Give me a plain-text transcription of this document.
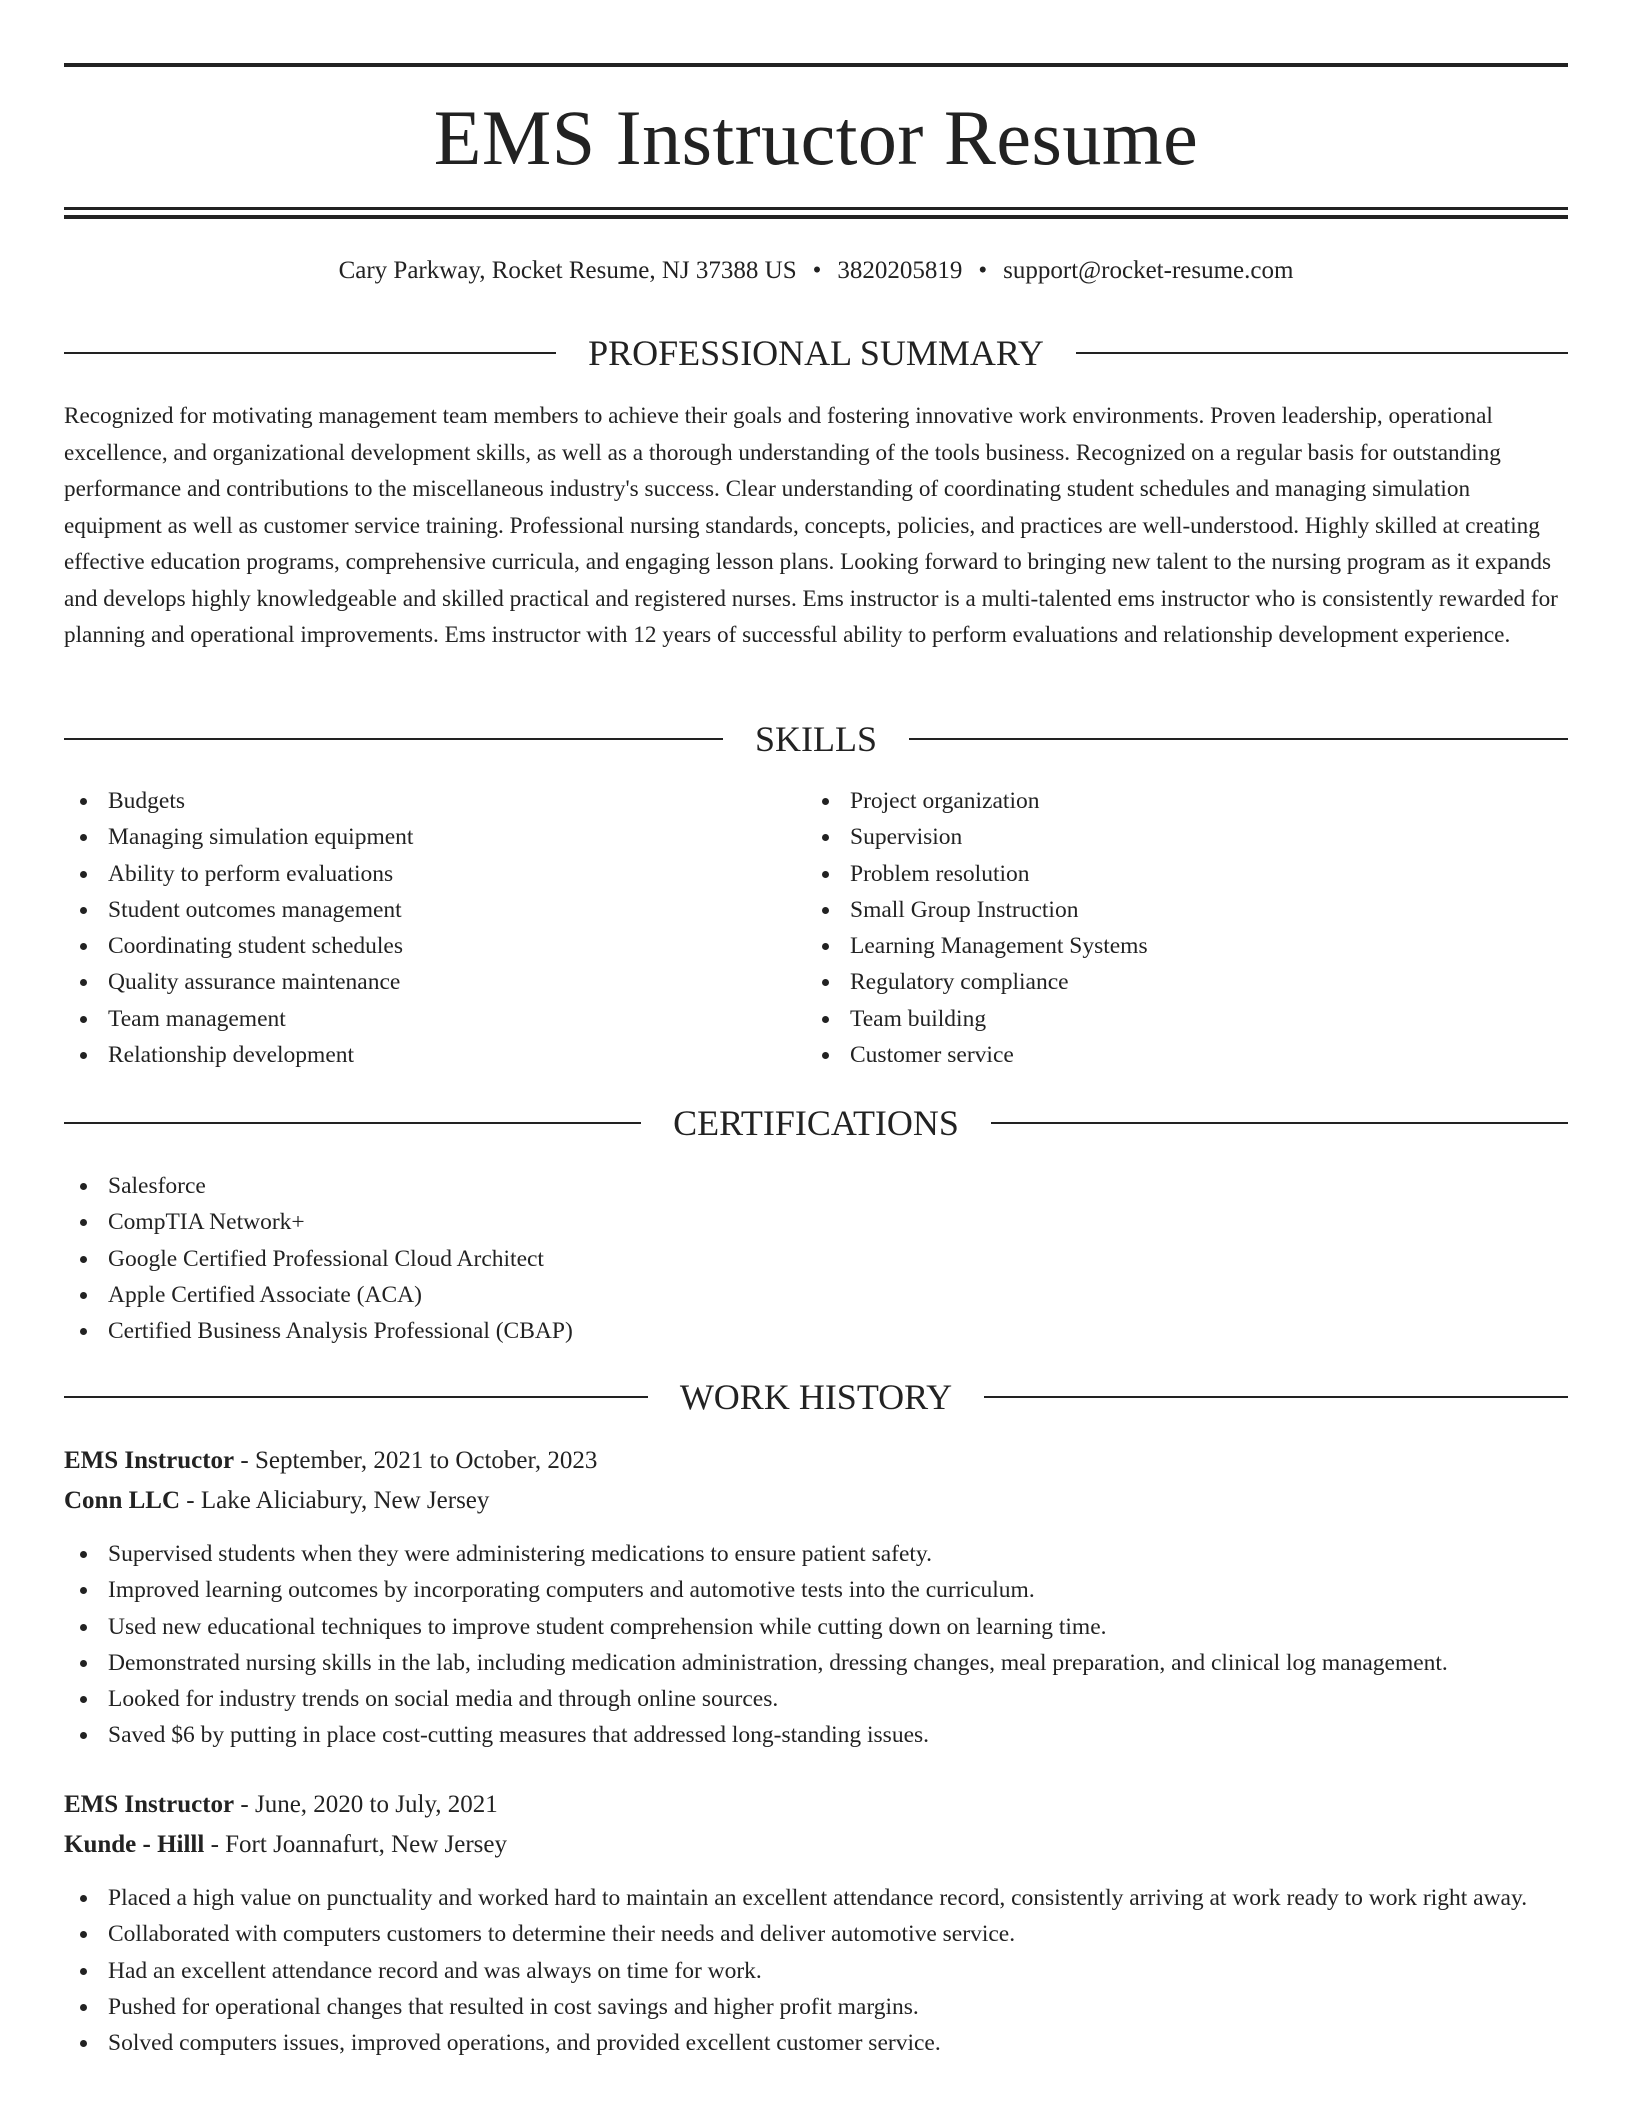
EMS Instructor Resume
Cary Parkway, Rocket Resume, NJ 37388 US • 3820205819 • support@rocket-resume.com
PROFESSIONAL SUMMARY

Recognized for motivating management team members to achieve their goals and fostering innovative work environments. Proven leadership, operational excellence, and organizational development skills, as well as a thorough understanding of the tools business. Recognized on a regular basis for outstanding performance and contributions to the miscellaneous industry's success. Clear understanding of coordinating student schedules and managing simulation equipment as well as customer service training. Professional nursing standards, concepts, policies, and practices are well-understood. Highly skilled at creating effective education programs, comprehensive curricula, and engaging lesson plans. Looking forward to bringing new talent to the nursing program as it expands and develops highly knowledgeable and skilled practical and registered nurses. Ems instructor is a multi-talented ems instructor who is consistently rewarded for planning and operational improvements. Ems instructor with 12 years of successful ability to perform evaluations and relationship development experience.

SKILLS
Budgets
Managing simulation equipment
Ability to perform evaluations
Student outcomes management
Coordinating student schedules
Quality assurance maintenance
Team management
Relationship development
Project organization
Supervision
Problem resolution
Small Group Instruction
Learning Management Systems
Regulatory compliance
Team building
Customer service
CERTIFICATIONS
Salesforce
CompTIA Network+
Google Certified Professional Cloud Architect
Apple Certified Associate (ACA)
Certified Business Analysis Professional (CBAP)
WORK HISTORY
EMS Instructor - September, 2021 to October, 2023
Conn LLC - Lake Aliciabury, New Jersey
Supervised students when they were administering medications to ensure patient safety.
Improved learning outcomes by incorporating computers and automotive tests into the curriculum.
Used new educational techniques to improve student comprehension while cutting down on learning time.
Demonstrated nursing skills in the lab, including medication administration, dressing changes, meal preparation, and clinical log management.
Looked for industry trends on social media and through online sources.
Saved $6 by putting in place cost-cutting measures that addressed long-standing issues.
EMS Instructor - June, 2020 to July, 2021
Kunde - Hilll - Fort Joannafurt, New Jersey
Placed a high value on punctuality and worked hard to maintain an excellent attendance record, consistently arriving at work ready to work right away.
Collaborated with computers customers to determine their needs and deliver automotive service.
Had an excellent attendance record and was always on time for work.
Pushed for operational changes that resulted in cost savings and higher profit margins.
Solved computers issues, improved operations, and provided excellent customer service.
